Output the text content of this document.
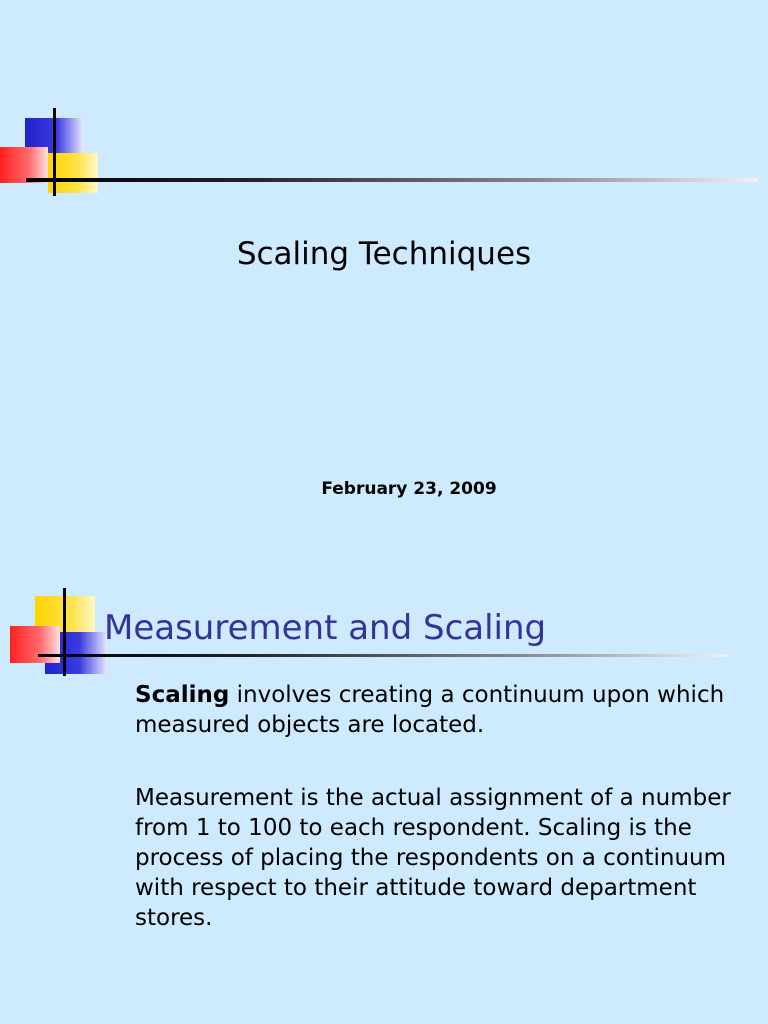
Scaling Techniques
February 23, 2009
Measurement and Scaling

Scaling involves creating a continuum upon which measured objects are located.

Measurement is the actual assignment of a number from 1 to 100 to each respondent. Scaling is the process of placing the respondents on a continuum with respect to their attitude toward department stores.
